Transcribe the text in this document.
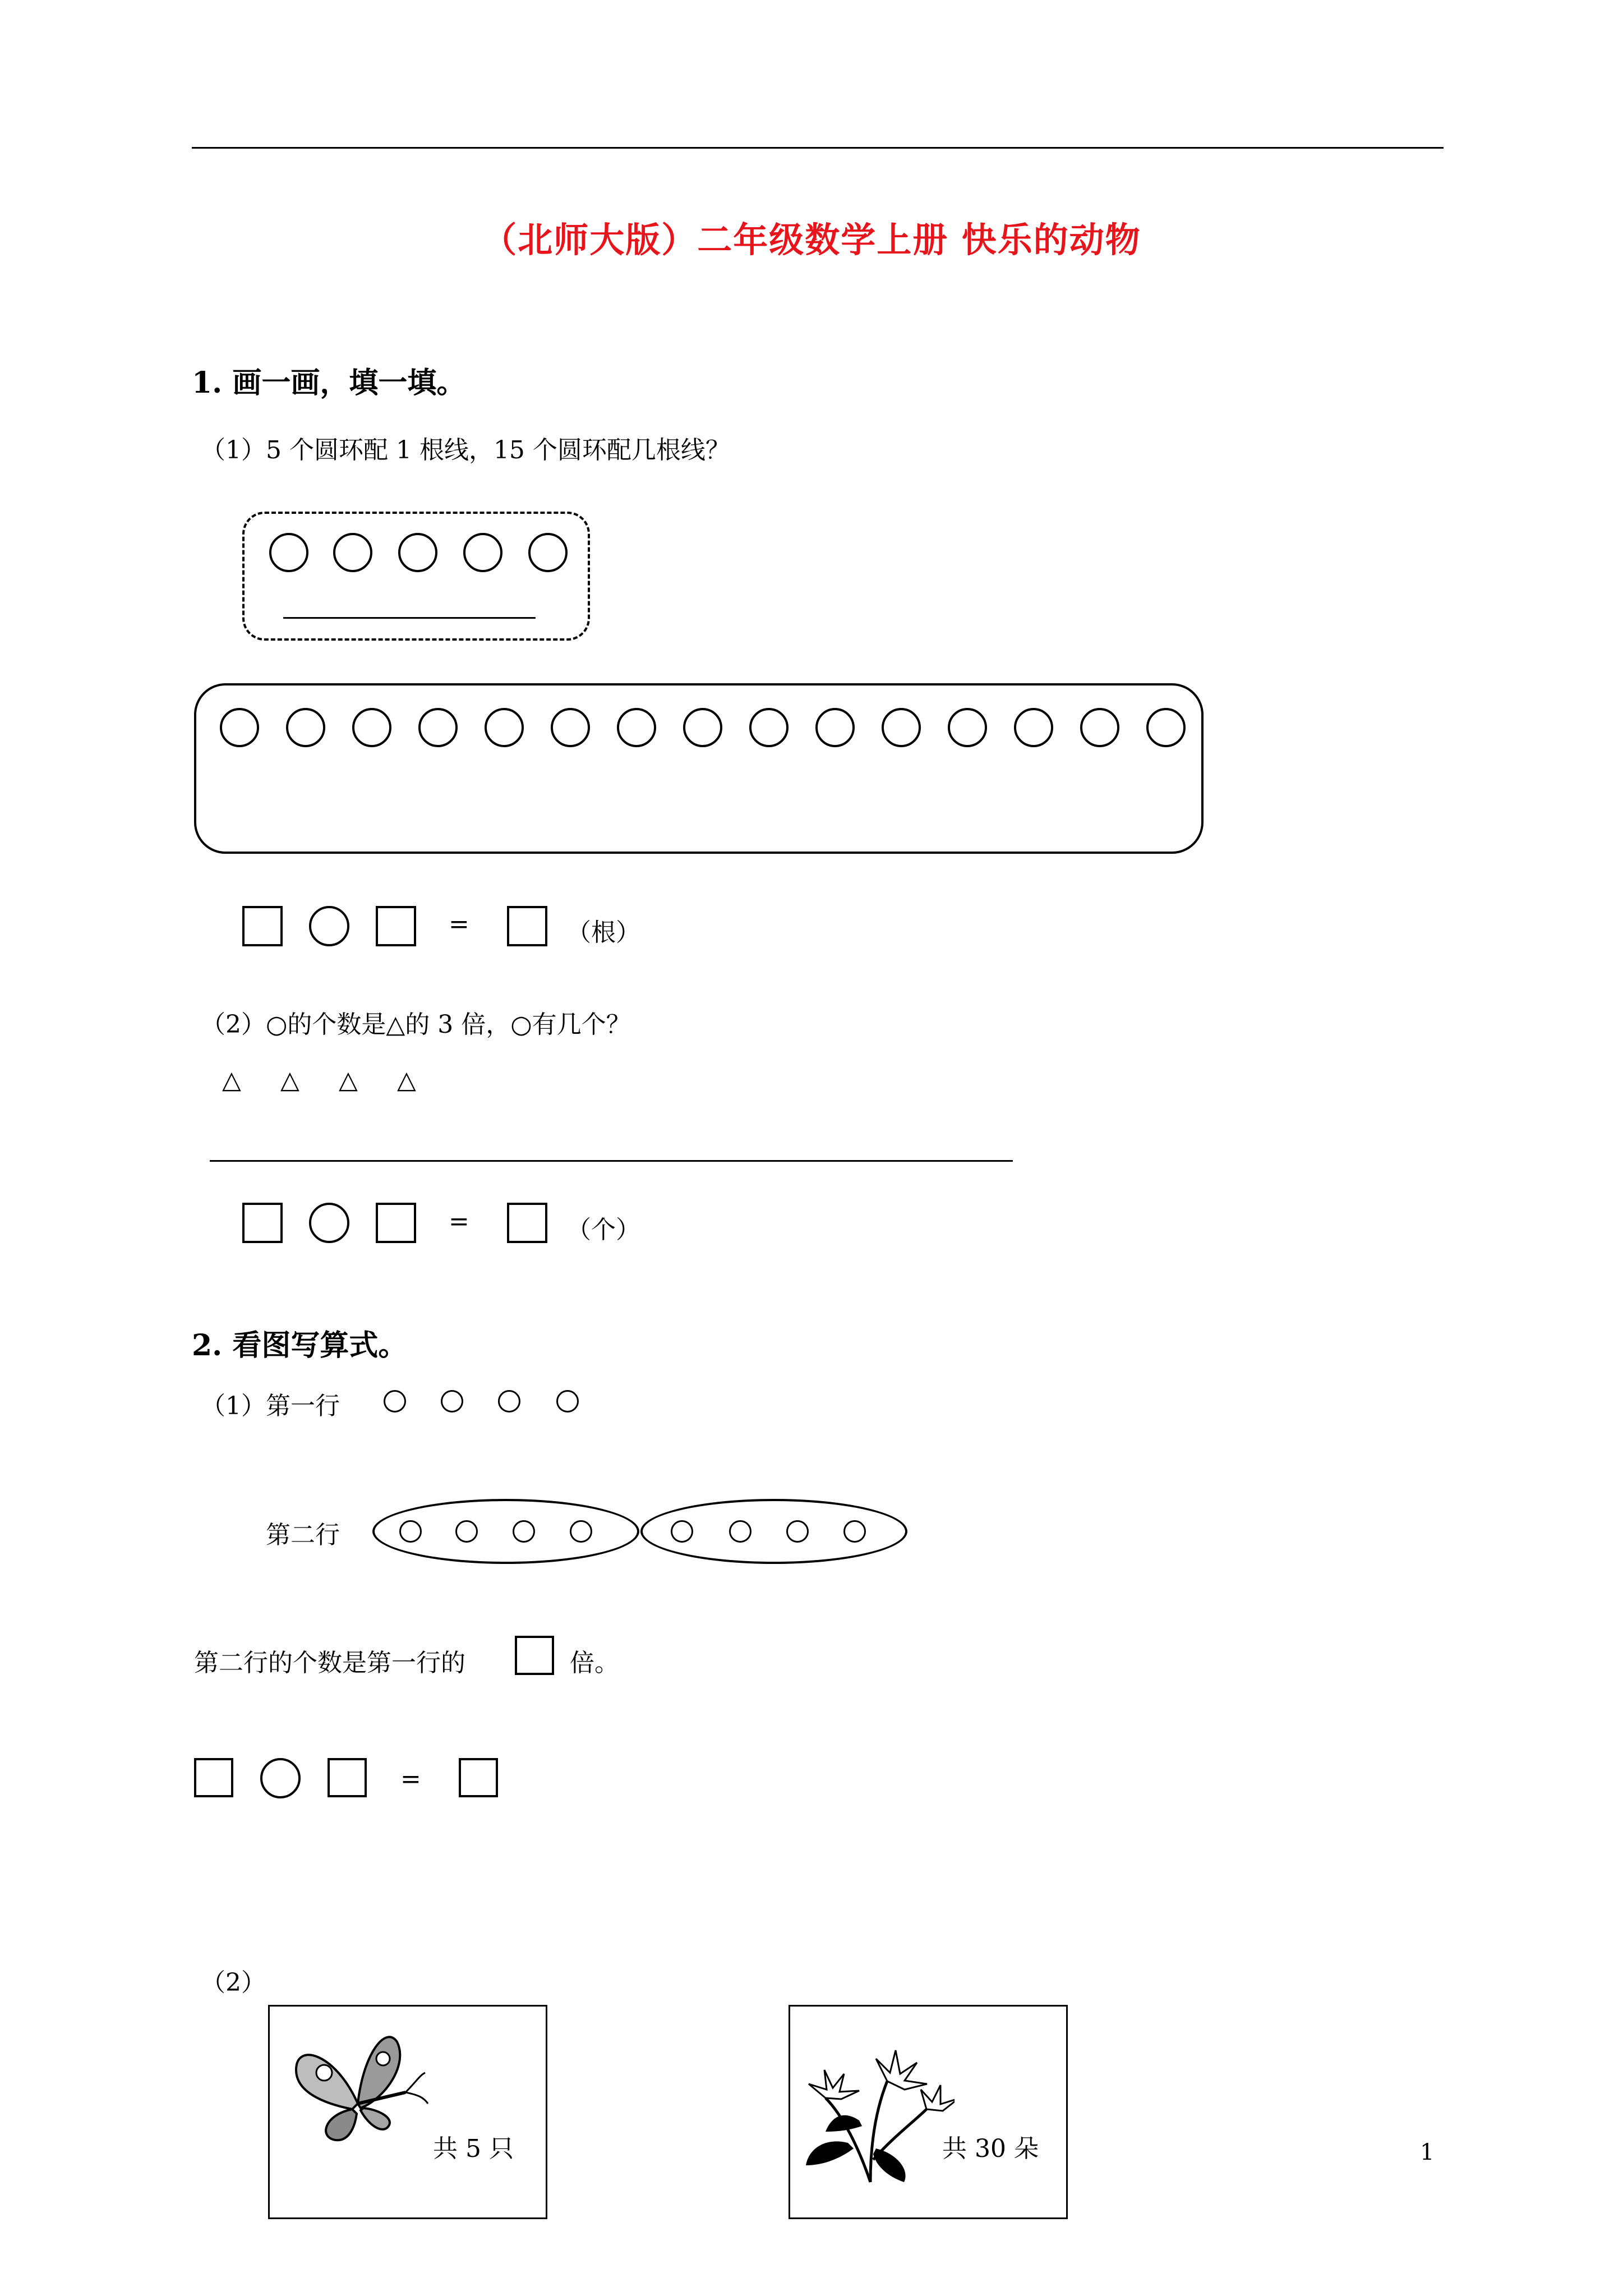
（北师大版）二年级数学上册 快乐的动物
1. 画一画，填一填。
（1）5 个圆环配 1 根线，15 个圆环配几根线？
=	（根）
（2）○的个数是△的 3 倍，○有几个？
△ △ △ △
=	（个）
2. 看图写算式。
（1）第一行
第二行
第二行的个数是第一行的	倍。
=
（2）
共 5 只	共 30 朵	1
